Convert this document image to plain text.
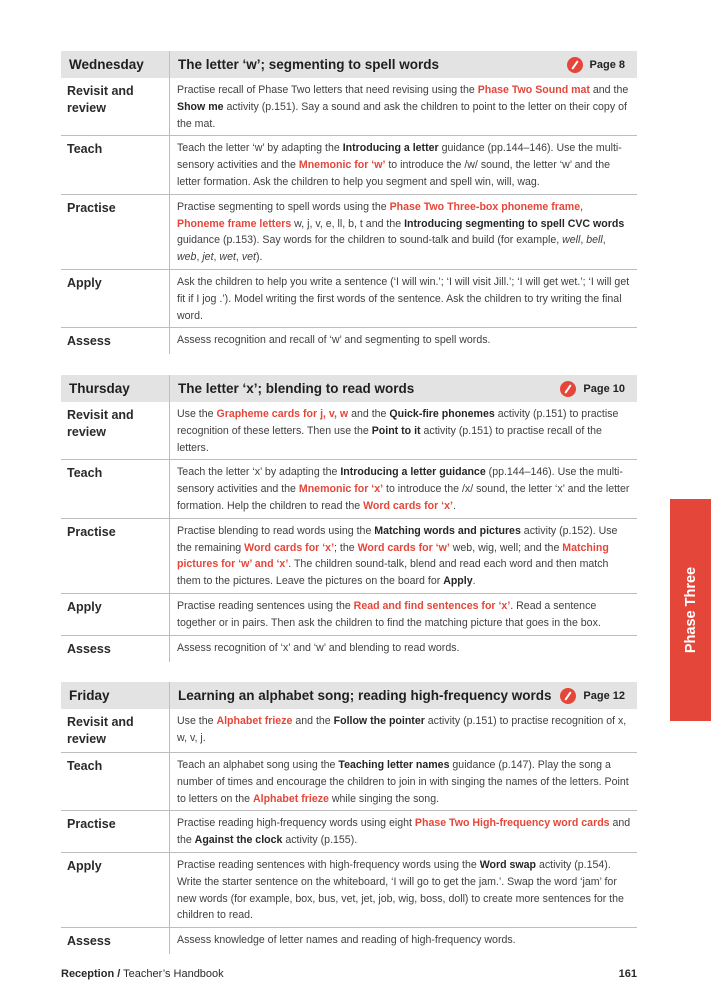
Wednesday	The letter ‘w’; segmenting to spell words Page 8

Revisit and review	Practise recall of Phase Two letters that need revising using the Phase Two Sound mat and the Show me activity (p.151). Say a sound and ask the children to point to the letter on their copy of the mat.
Teach	Teach the letter ‘w’ by adapting the Introducing a letter guidance (pp.144–146). Use the multi-sensory activities and the Mnemonic for ‘w’ to introduce the /w/ sound, the letter ‘w’ and the letter formation. Ask the children to help you segment and spell win, will, wag.
Practise	Practise segmenting to spell words using the Phase Two Three-box phoneme frame, Phoneme frame letters w, j, v, e, ll, b, t and the Introducing segmenting to spell CVC words guidance (p.153). Say words for the children to sound-talk and build (for example, well, bell, web, jet, wet, vet).
Apply	Ask the children to help you write a sentence (‘I will win.’; ‘I will visit Jill.’; ‘I will get wet.’; ‘I will get fit if I jog .’). Model writing the first words of the sentence. Ask the children to try writing the final word.
Assess	Assess recognition and recall of ‘w’ and segmenting to spell words.
Thursday	The letter ‘x’; blending to read words Page 10

Revisit and review	Use the Grapheme cards for j, v, w and the Quick-fire phonemes activity (p.151) to practise recognition of these letters. Then use the Point to it activity (p.151) to practise recall of the letters.
Teach	Teach the letter ‘x’ by adapting the Introducing a letter guidance (pp.144–146). Use the multi-sensory activities and the Mnemonic for ‘x’ to introduce the /x/ sound, the letter ‘x’ and the letter formation. Help the children to read the Word cards for ‘x’.
Practise	Practise blending to read words using the Matching words and pictures activity (p.152). Use the remaining Word cards for ‘x’; the Word cards for ‘w’ web, wig, well; and the Matching pictures for ‘w’ and ‘x’. The children sound-talk, blend and read each word and then match them to the pictures. Leave the pictures on the board for Apply.
Apply	Practise reading sentences using the Read and find sentences for ‘x’. Read a sentence together or in pairs. Then ask the children to find the matching picture that goes in the box.
Assess	Assess recognition of ‘x’ and ‘w’ and blending to read words.
Friday	Learning an alphabet song; reading high-frequency words Page 12

Revisit and review	Use the Alphabet frieze and the Follow the pointer activity (p.151) to practise recognition of x, w, v, j.
Teach	Teach an alphabet song using the Teaching letter names guidance (p.147). Play the song a number of times and encourage the children to join in with singing the names of the letters. Point to letters on the Alphabet frieze while singing the song.
Practise	Practise reading high-frequency words using eight Phase Two High-frequency word cards and the Against the clock activity (p.155).
Apply	Practise reading sentences with high-frequency words using the Word swap activity (p.154). Write the starter sentence on the whiteboard, ‘I will go to get the jam.’. Swap the word ‘jam’ for new words (for example, box, bus, vet, jet, job, wig, boss, doll) to create more sentences for the children to read.
Assess	Assess knowledge of letter names and reading of high-frequency words.
Phase Three
Reception / Teacher’s Handbook	161
